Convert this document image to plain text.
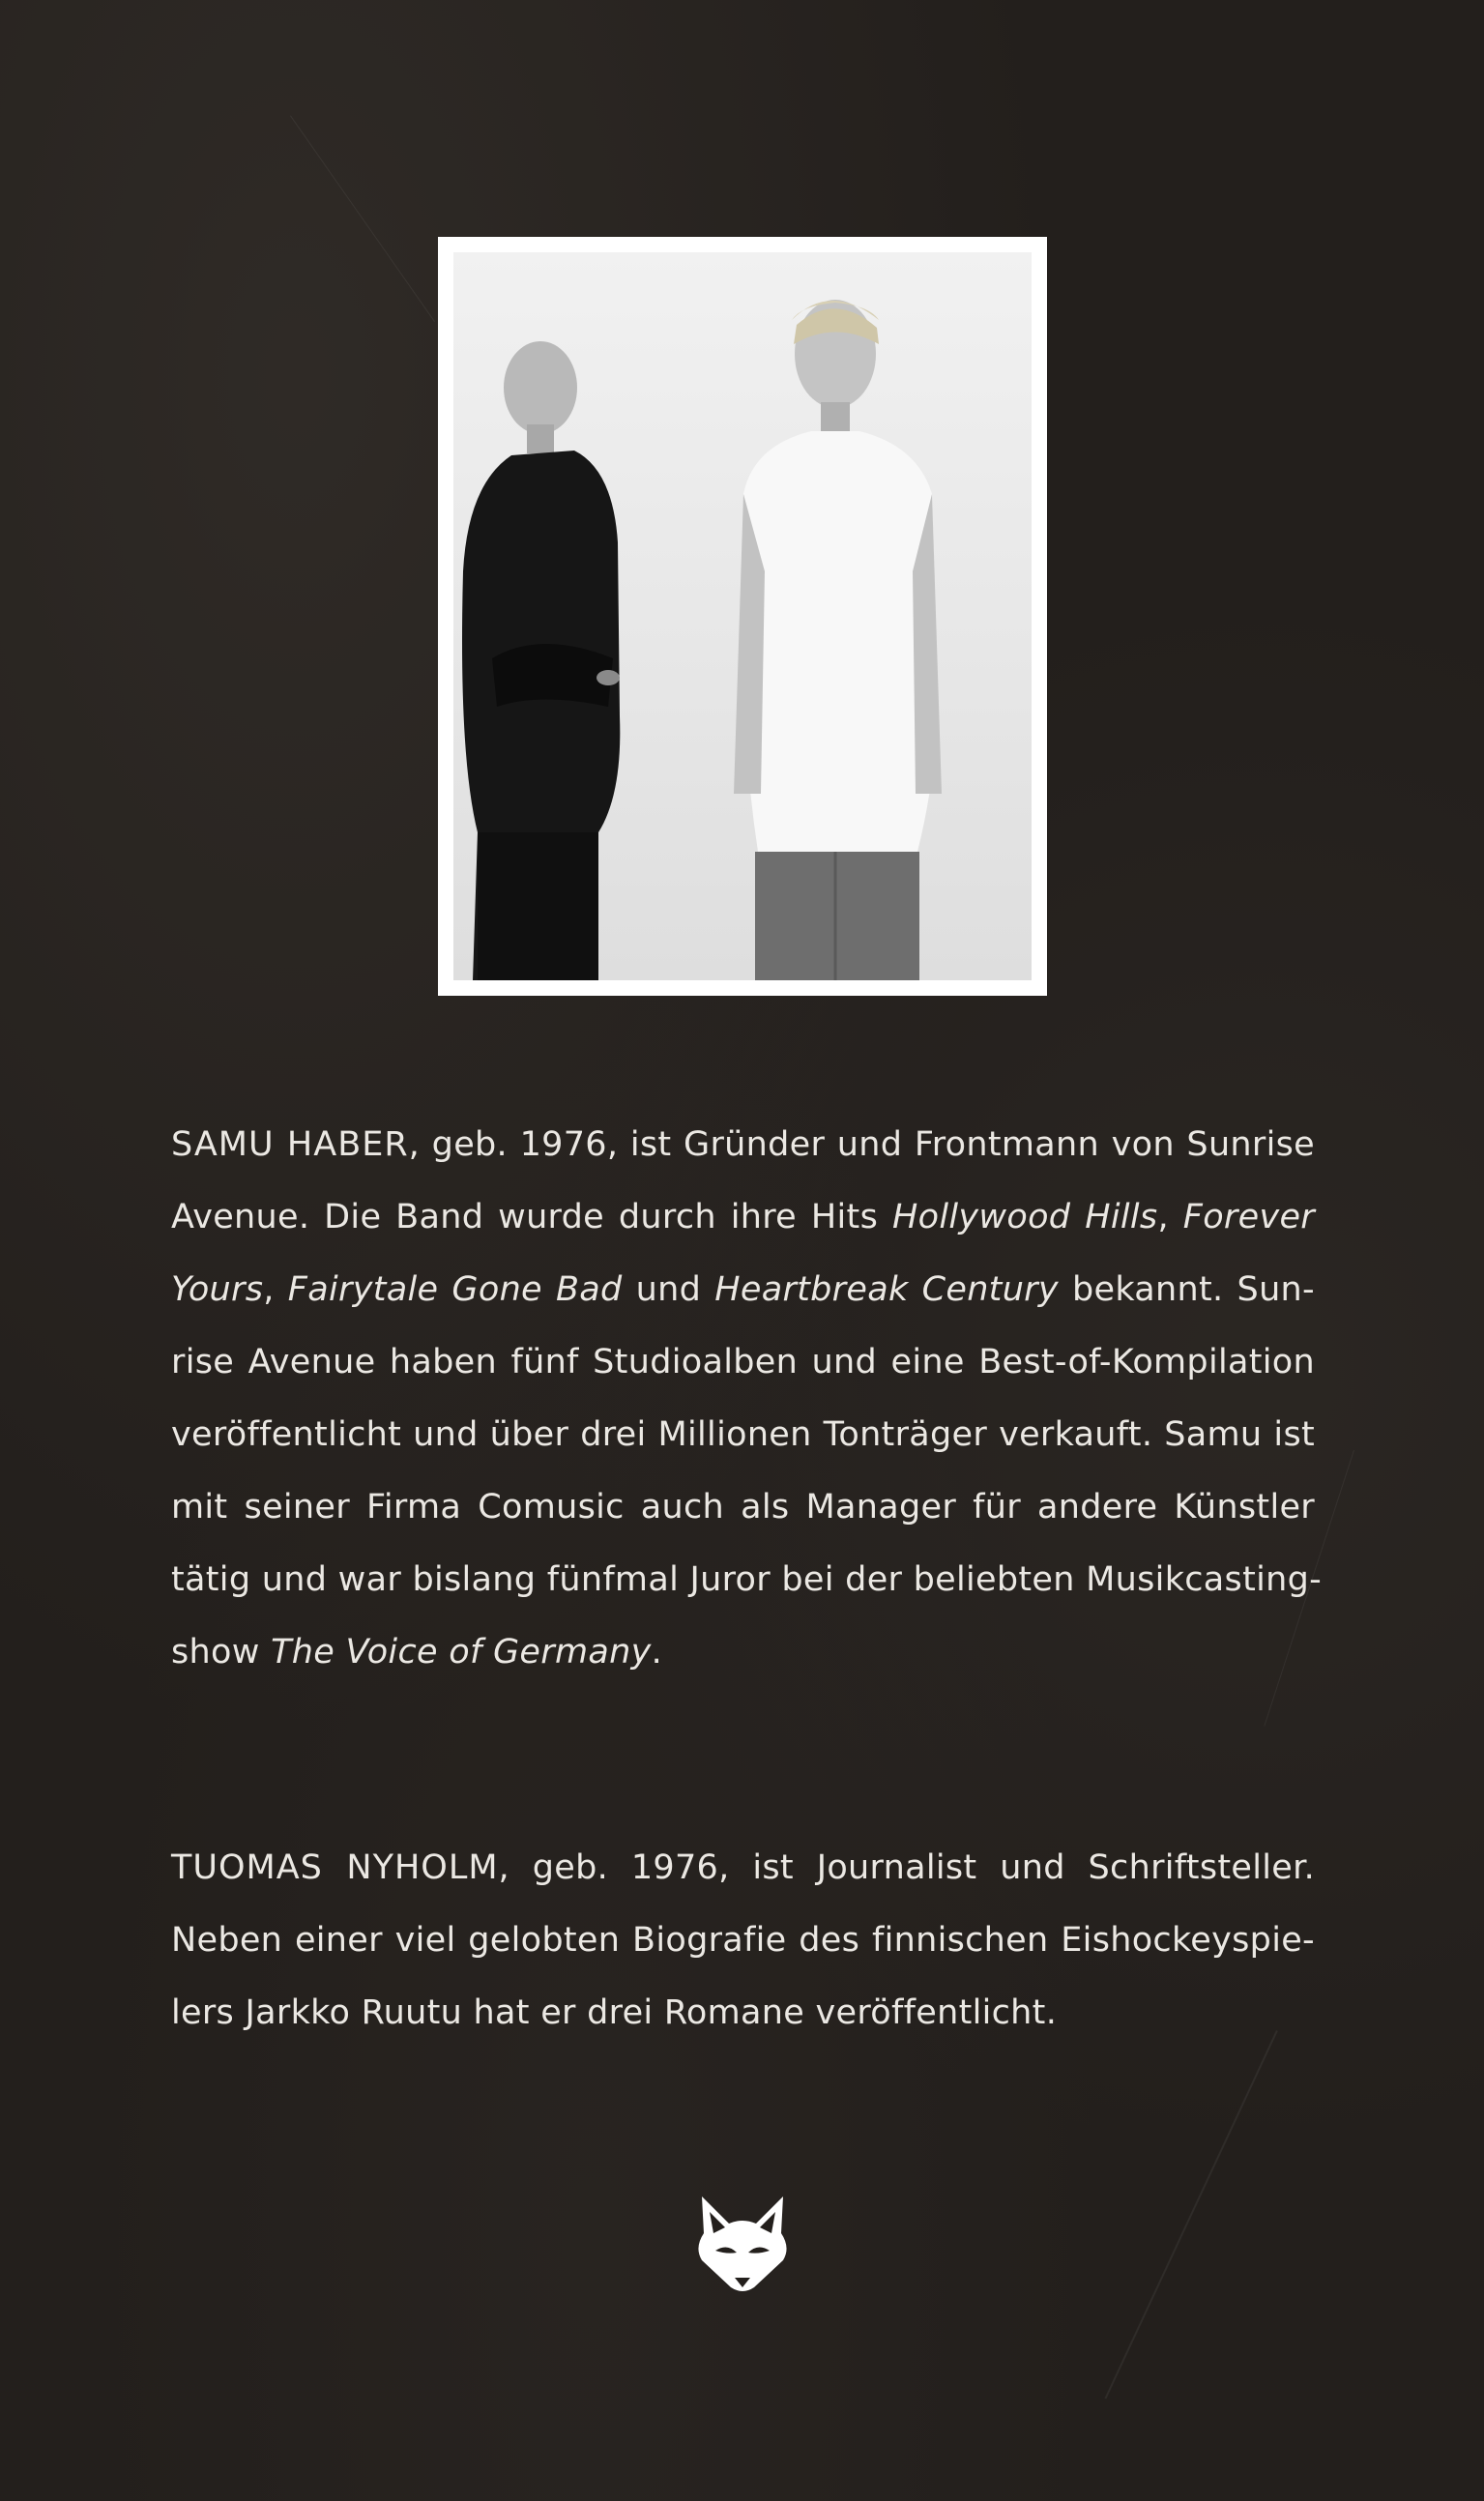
SAMU HABER, geb. 1976, ist Gründer und Frontmann von Sunrise
Avenue. Die Band wurde durch ihre Hits Hollywood Hills, Forever
Yours, Fairytale Gone Bad und Heartbreak Century bekannt. Sun-
rise Avenue haben fünf Studioalben und eine Best-of-Kompilation
veröffentlicht und über drei Millionen Tonträger verkauft. Samu ist
mit seiner Firma Comusic auch als Manager für andere Künstler
tätig und war bislang fünfmal Juror bei der beliebten Musikcasting-
show The Voice of Germany.
TUOMAS NYHOLM, geb. 1976, ist Journalist und Schriftsteller.
Neben einer viel gelobten Biografie des finnischen Eishockeyspie-
lers Jarkko Ruutu hat er drei Romane veröffentlicht.
